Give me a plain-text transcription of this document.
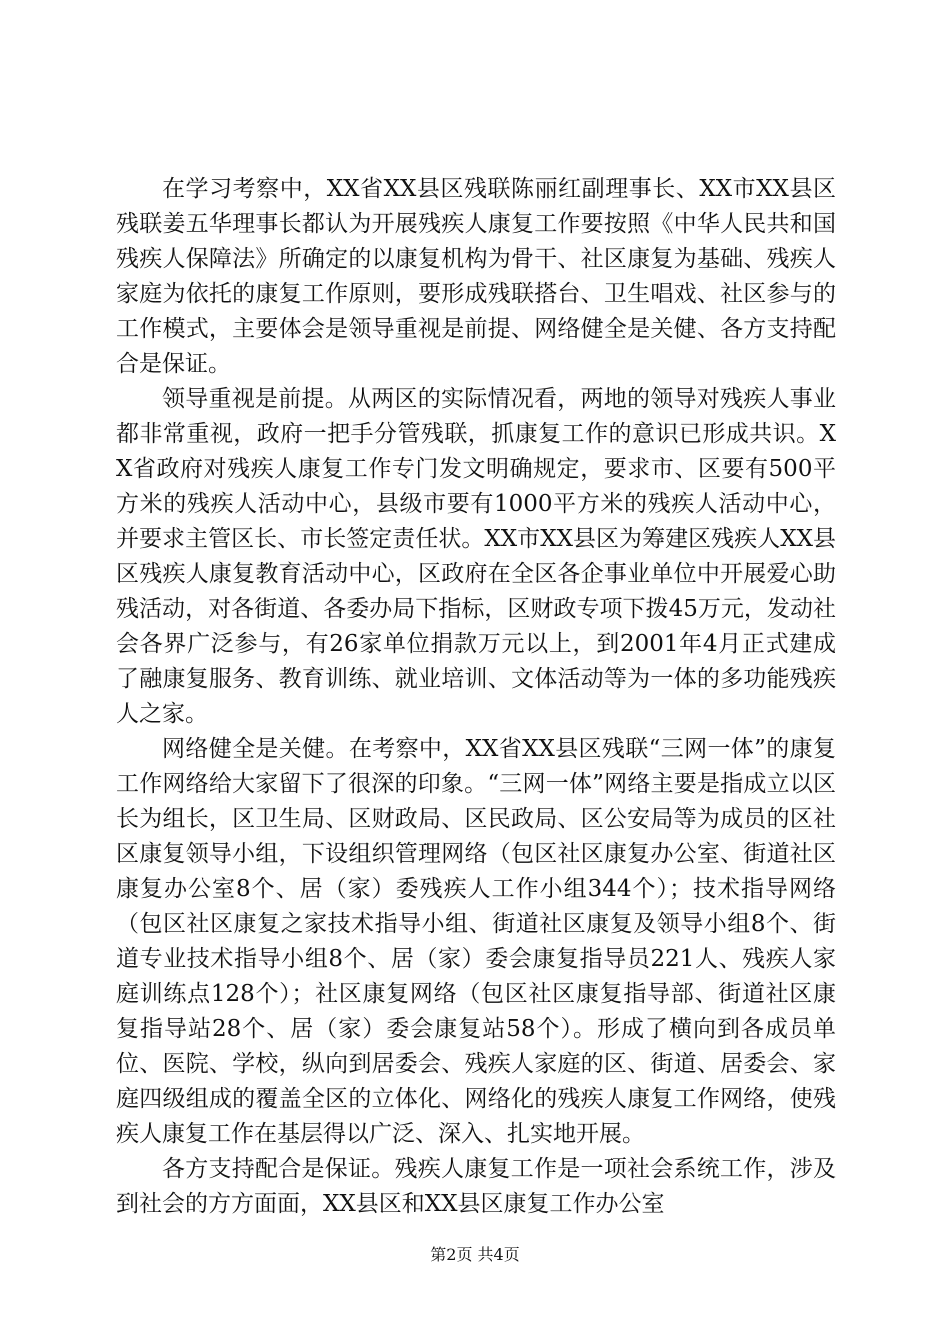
在学习考察中，XX省XX县区残联陈丽红副理事长、XX市XX县区残联姜五华理事长都认为开展残疾人康复工作要按照《中华人民共和国残疾人保障法》所确定的以康复机构为骨干、社区康复为基础、残疾人家庭为依托的康复工作原则，要形成残联搭台、卫生唱戏、社区参与的工作模式，主要体会是领导重视是前提、网络健全是关健、各方支持配合是保证。

领导重视是前提。从两区的实际情况看，两地的领导对残疾人事业都非常重视，政府一把手分管残联，抓康复工作的意识已形成共识。XX省政府对残疾人康复工作专门发文明确规定，要求市、区要有500平方米的残疾人活动中心，县级市要有1000平方米的残疾人活动中心，并要求主管区长、市长签定责任状。XX市XX县区为筹建区残疾人XX县区残疾人康复教育活动中心，区政府在全区各企事业单位中开展爱心助残活动，对各街道、各委办局下指标，区财政专项下拨45万元，发动社会各界广泛参与，有26家单位捐款万元以上，到2001年4月正式建成了融康复服务、教育训练、就业培训、文体活动等为一体的多功能残疾人之家。

网络健全是关健。在考察中，XX省XX县区残联“三网一体”的康复工作网络给大家留下了很深的印象。“三网一体”网络主要是指成立以区长为组长，区卫生局、区财政局、区民政局、区公安局等为成员的区社区康复领导小组，下设组织管理网络（包区社区康复办公室、街道社区康复办公室8个、居（家）委残疾人工作小组344个）；技术指导网络（包区社区康复之家技术指导小组、街道社区康复及领导小组8个、街道专业技术指导小组8个、居（家）委会康复指导员221人、残疾人家庭训练点128个）；社区康复网络（包区社区康复指导部、街道社区康复指导站28个、居（家）委会康复站58个）。形成了横向到各成员单位、医院、学校，纵向到居委会、残疾人家庭的区、街道、居委会、家庭四级组成的覆盖全区的立体化、网络化的残疾人康复工作网络，使残疾人康复工作在基层得以广泛、深入、扎实地开展。

各方支持配合是保证。残疾人康复工作是一项社会系统工作，涉及到社会的方方面面，XX县区和XX县区康复工作办公室

第2页 共4页
